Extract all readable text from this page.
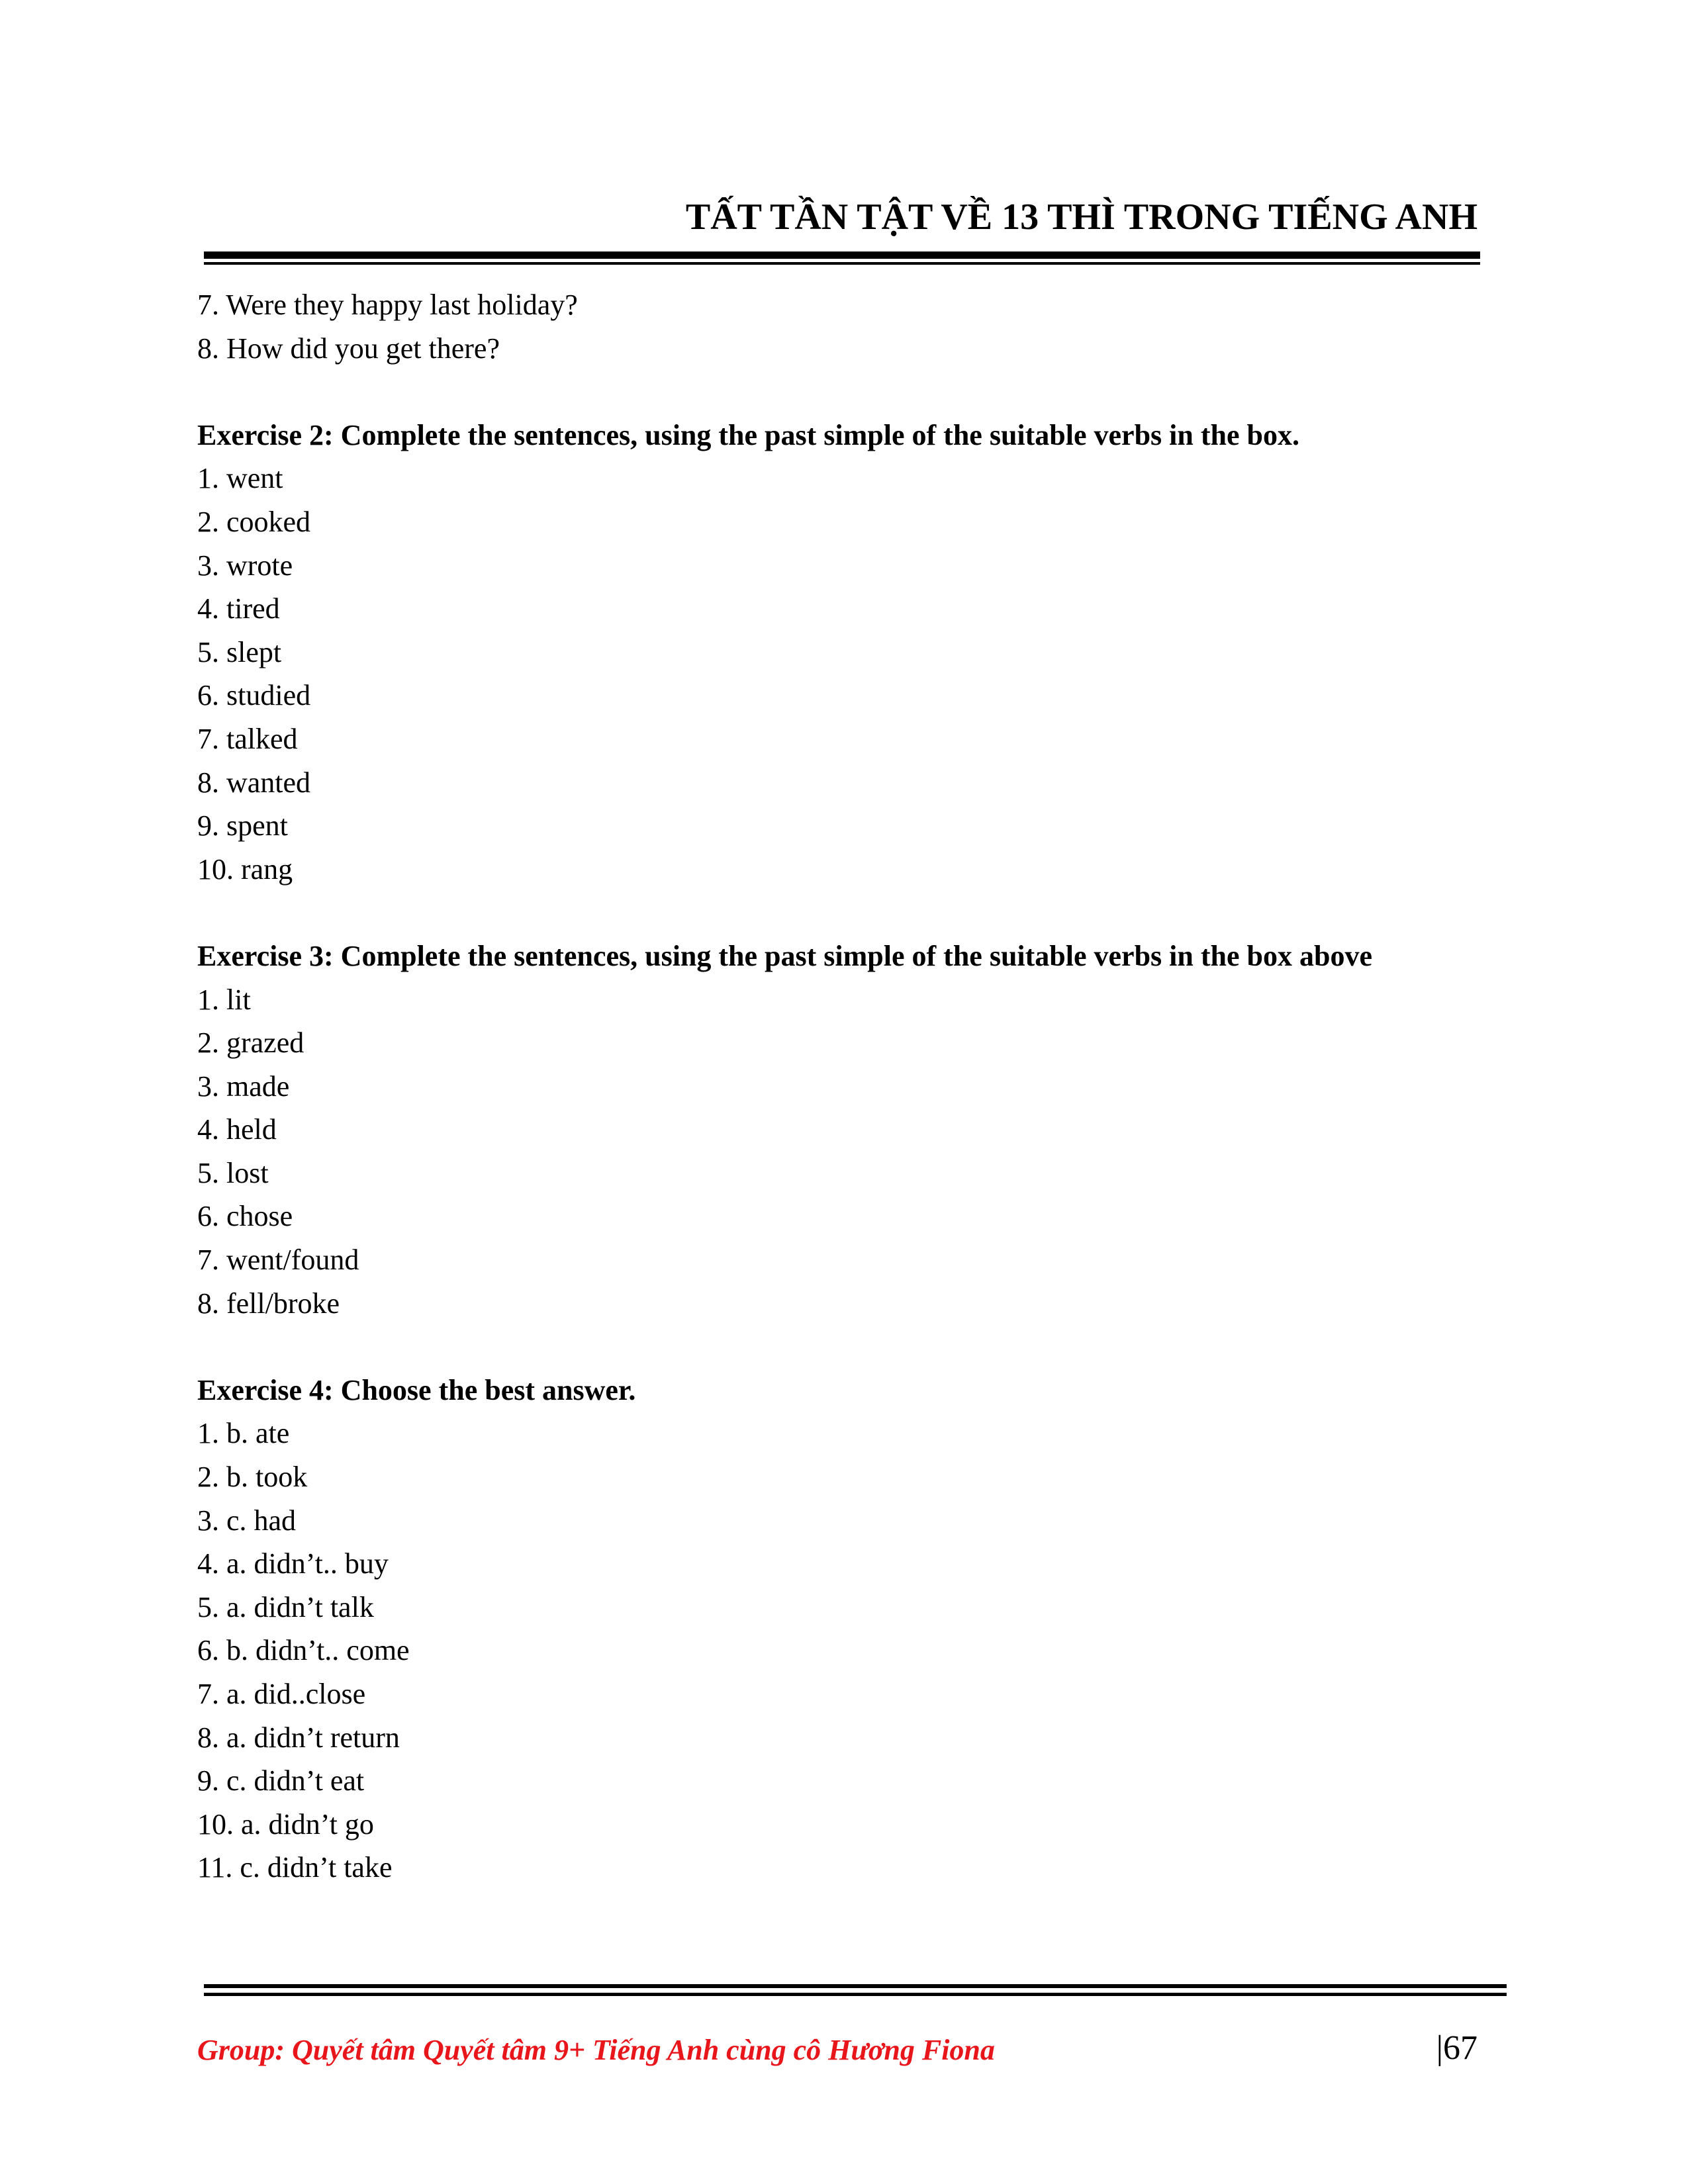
TẤT TẦN TẬT VỀ 13 THÌ TRONG TIẾNG ANH
7. Were they happy last holiday?
8. How did you get there?
Exercise 2: Complete the sentences, using the past simple of the suitable verbs in the box.
1. went
2. cooked
3. wrote
4. tired
5. slept
6. studied
7. talked
8. wanted
9. spent
10. rang
Exercise 3: Complete the sentences, using the past simple of the suitable verbs in the box above
1. lit
2. grazed
3. made
4. held
5. lost
6. chose
7. went/found
8. fell/broke
Exercise 4: Choose the best answer.
1. b. ate
2. b. took
3. c. had
4. a. didn’t.. buy
5. a. didn’t talk
6. b. didn’t.. come
7. a. did..close
8. a. didn’t return
9. c. didn’t eat
10. a. didn’t go
11. c. didn’t take
Group: Quyết tâm Quyết tâm 9+ Tiếng Anh cùng cô Hương Fiona	|67
